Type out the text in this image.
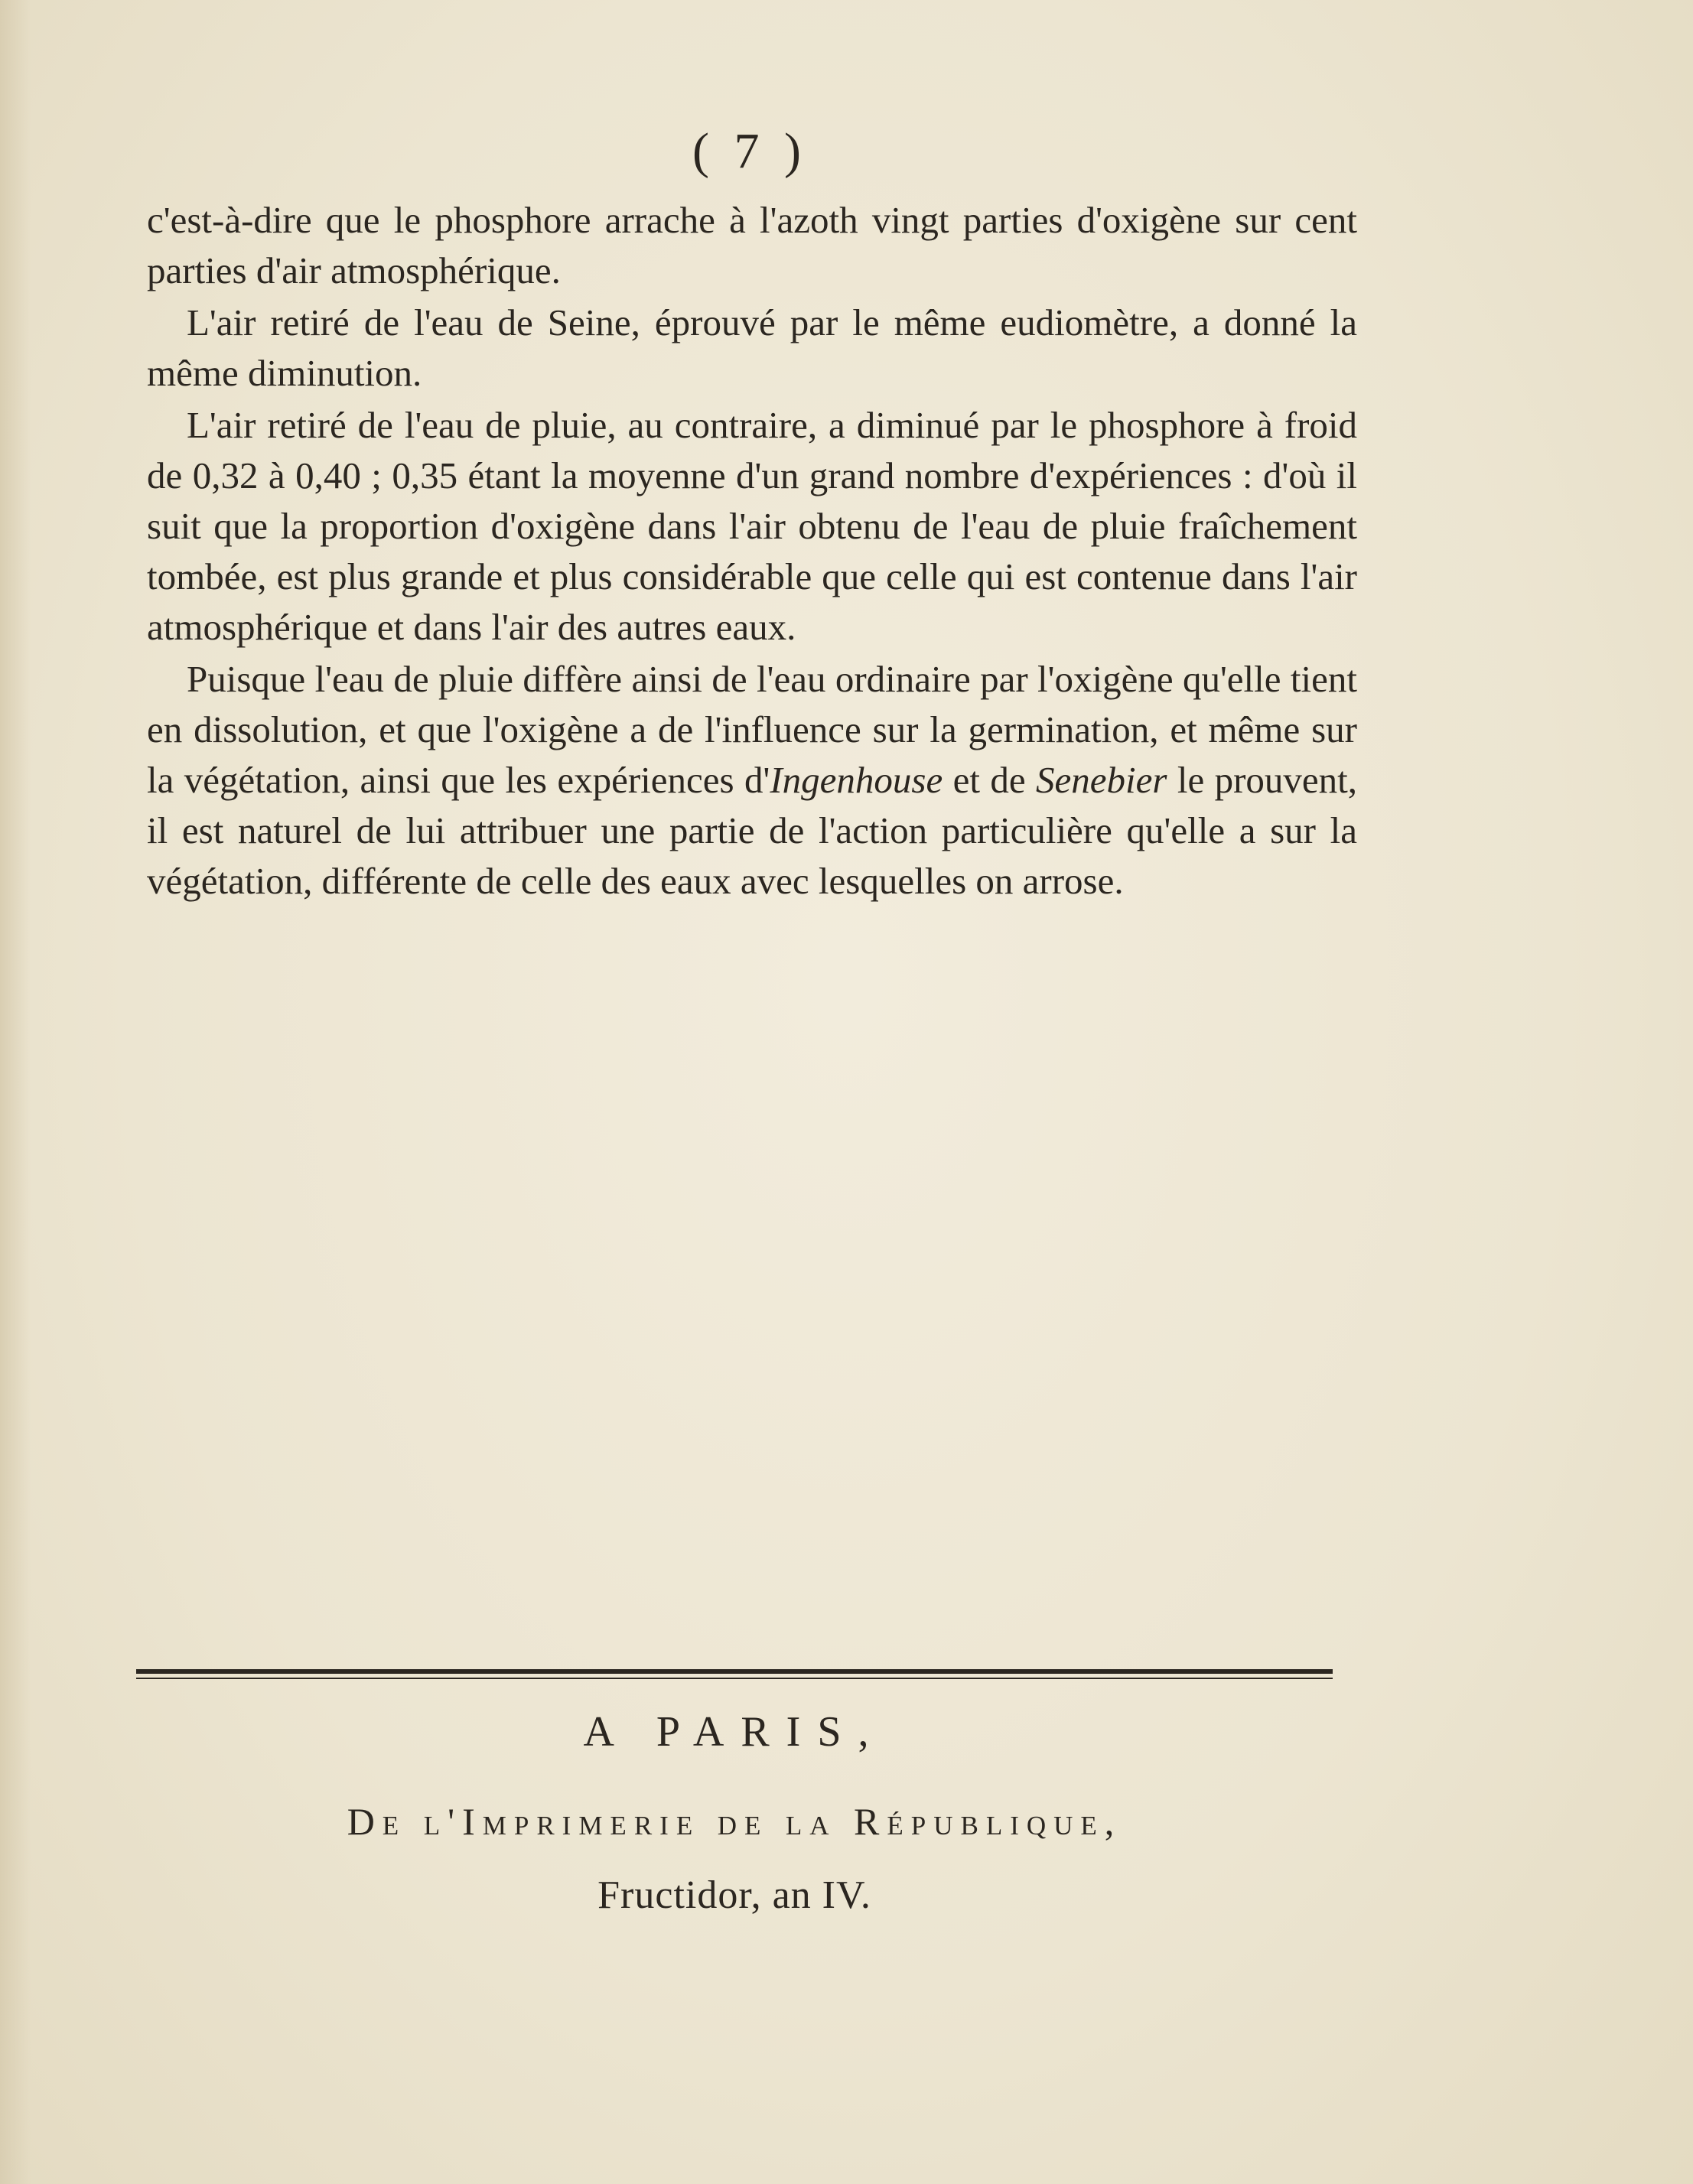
( 7 )

c'est-à-dire que le phosphore arrache à l'azoth vingt parties d'oxigène sur cent parties d'air atmosphérique.

L'air retiré de l'eau de Seine, éprouvé par le même eudiomètre, a donné la même diminution.

L'air retiré de l'eau de pluie, au contraire, a diminué par le phosphore à froid de 0,32 à 0,40 ; 0,35 étant la moyenne d'un grand nombre d'expériences : d'où il suit que la proportion d'oxigène dans l'air obtenu de l'eau de pluie fraîchement tombée, est plus grande et plus considérable que celle qui est contenue dans l'air atmosphérique et dans l'air des autres eaux.

Puisque l'eau de pluie diffère ainsi de l'eau ordinaire par l'oxigène qu'elle tient en dissolution, et que l'oxigène a de l'influence sur la germination, et même sur la végétation, ainsi que les expériences d'Ingenhouse et de Senebier le prouvent, il est naturel de lui attribuer une partie de l'action particulière qu'elle a sur la végétation, différente de celle des eaux avec lesquelles on arrose.

A PARIS,
De l'Imprimerie de la République,
Fructidor, an IV.
